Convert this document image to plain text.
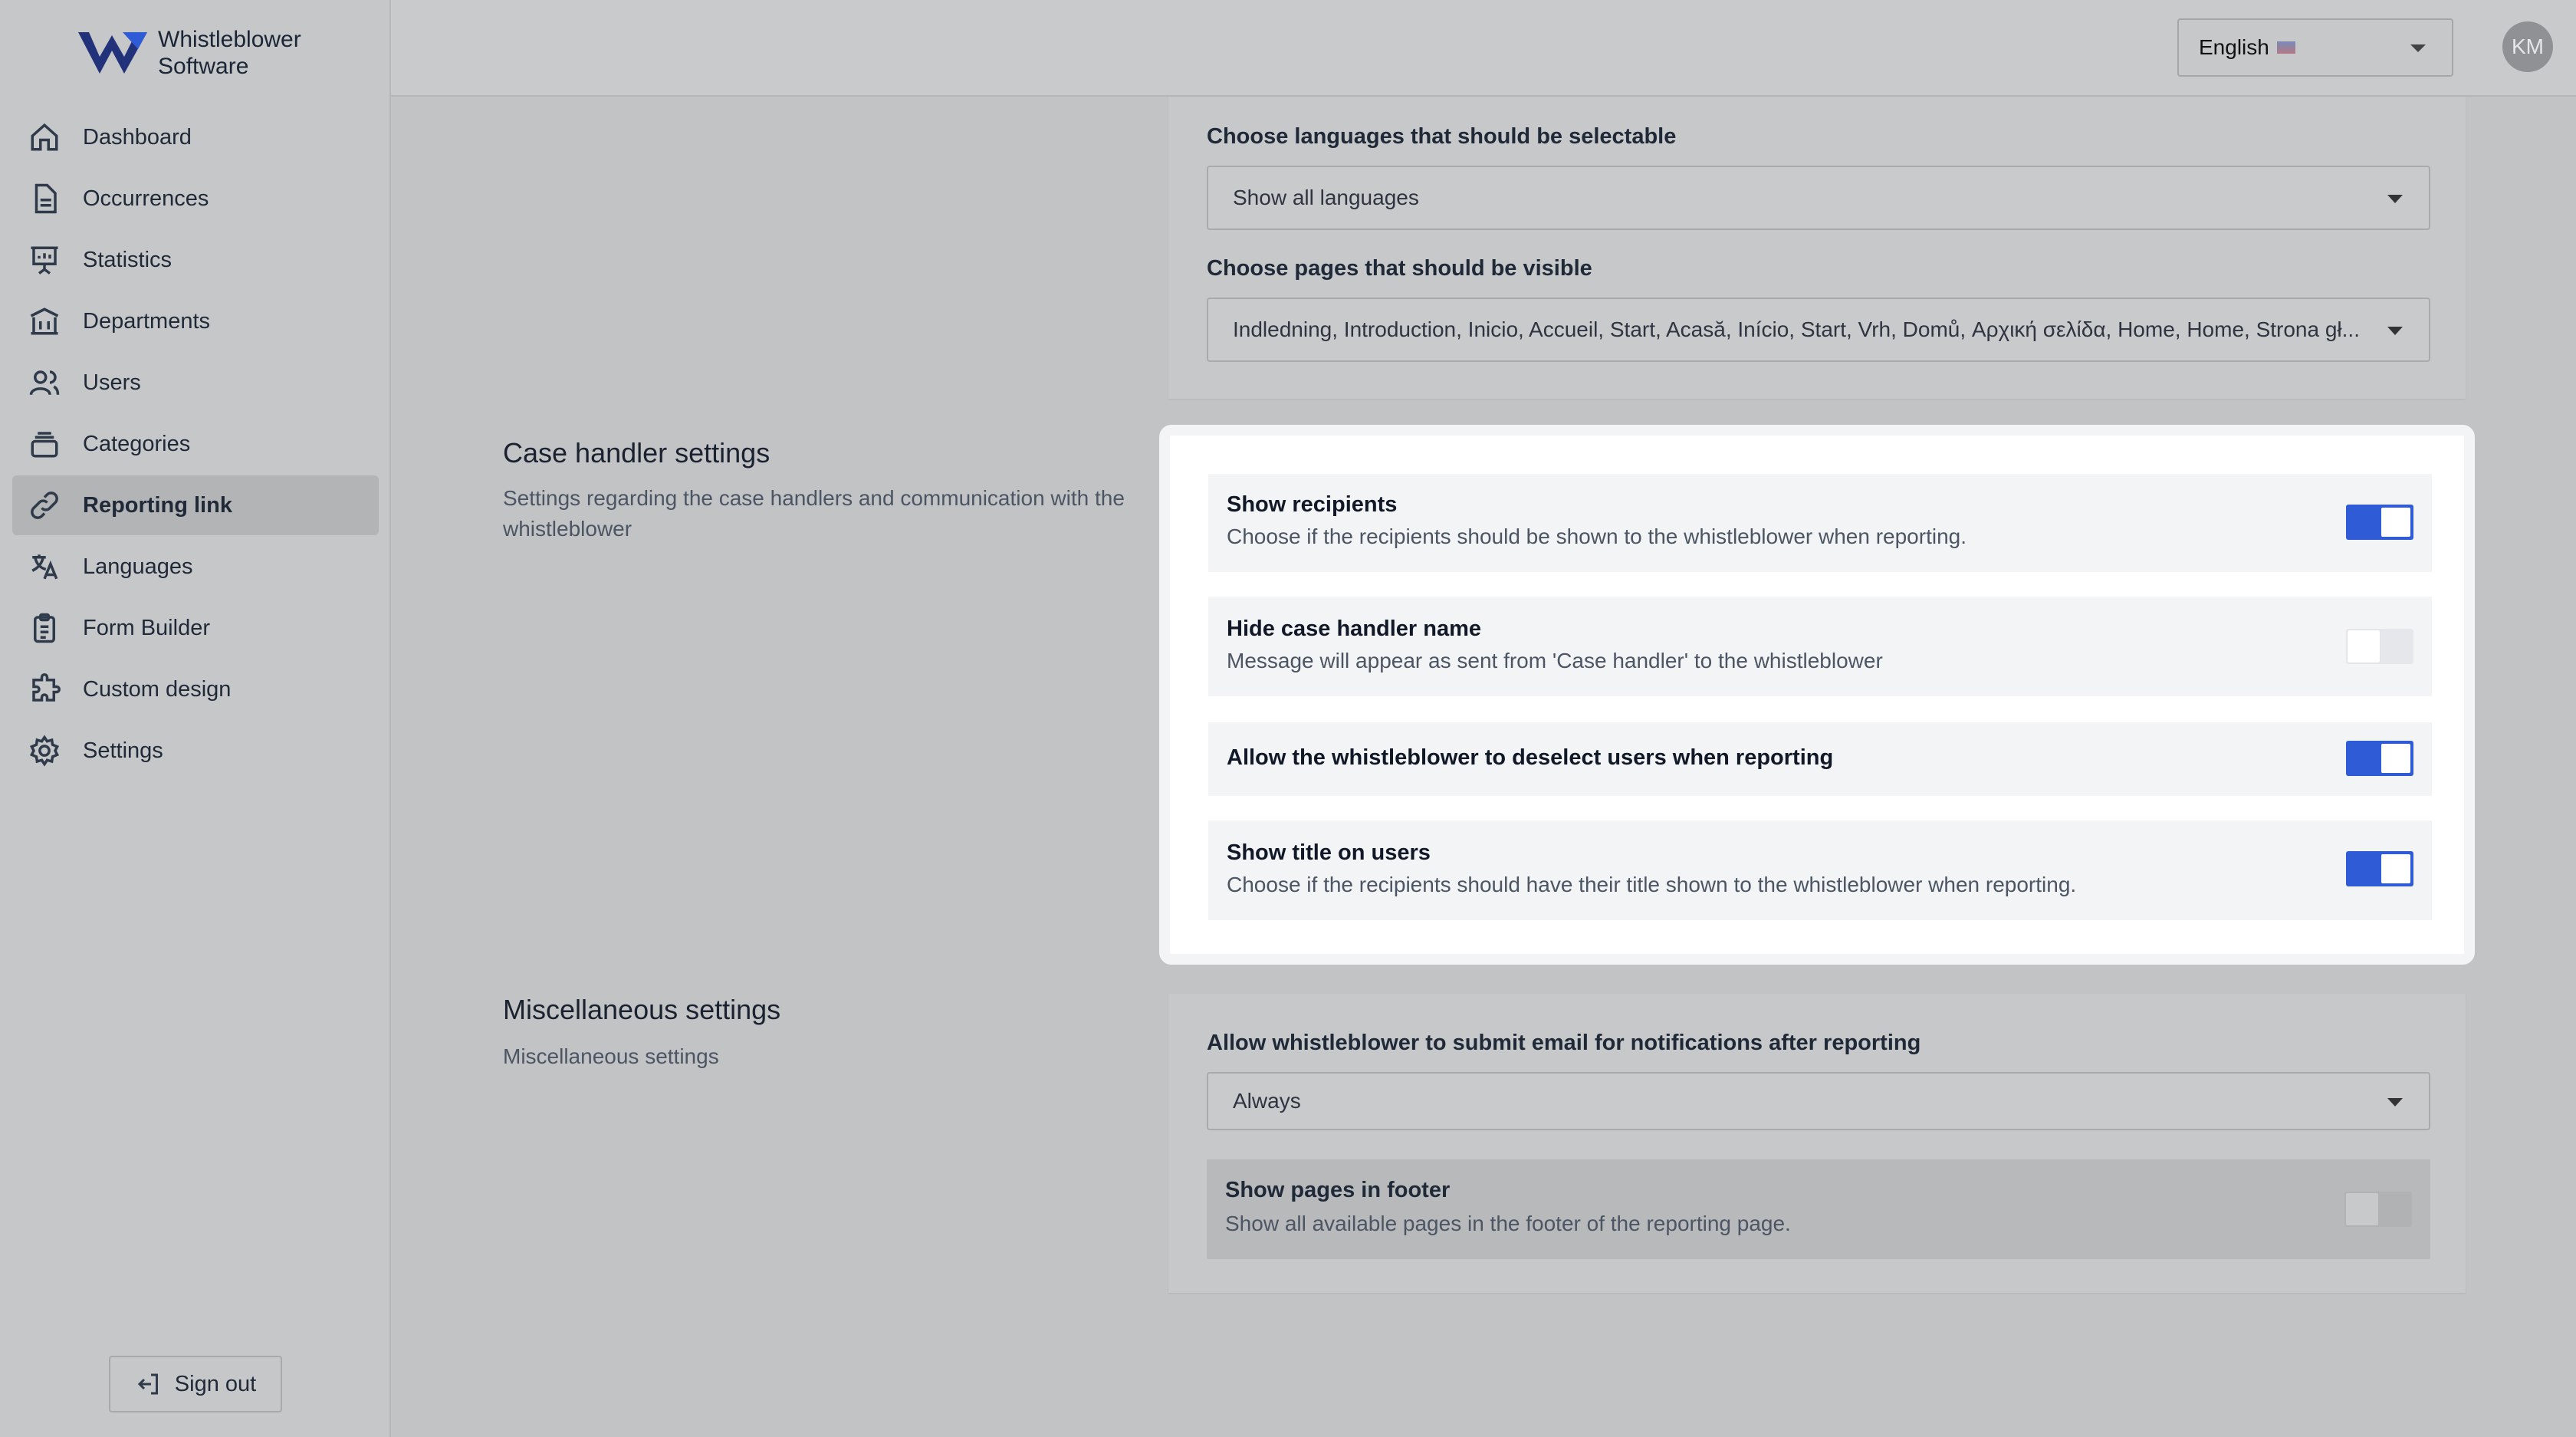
Whistleblower
Software
Dashboard
Occurrences
Statistics
Departments
Users
Categories
Reporting link
Languages
Form Builder
Custom design
Settings
Sign out
English	KM
Choose languages that should be selectable
Show all languages
Choose pages that should be visible
Indledning, Introduction, Inicio, Accueil, Start, Acasă, Início, Start, Vrh, Domů, Αρχική σελίδα, Home, Home, Strona gł...
Case handler settings
Settings regarding the case handlers and communication with the whistleblower
Show recipients
Choose if the recipients should be shown to the whistleblower when reporting.
Hide case handler name
Message will appear as sent from 'Case handler' to the whistleblower
Allow the whistleblower to deselect users when reporting
Show title on users
Choose if the recipients should have their title shown to the whistleblower when reporting.
Miscellaneous settings
Miscellaneous settings
Allow whistleblower to submit email for notifications after reporting
Always
Show pages in footer
Show all available pages in the footer of the reporting page.
